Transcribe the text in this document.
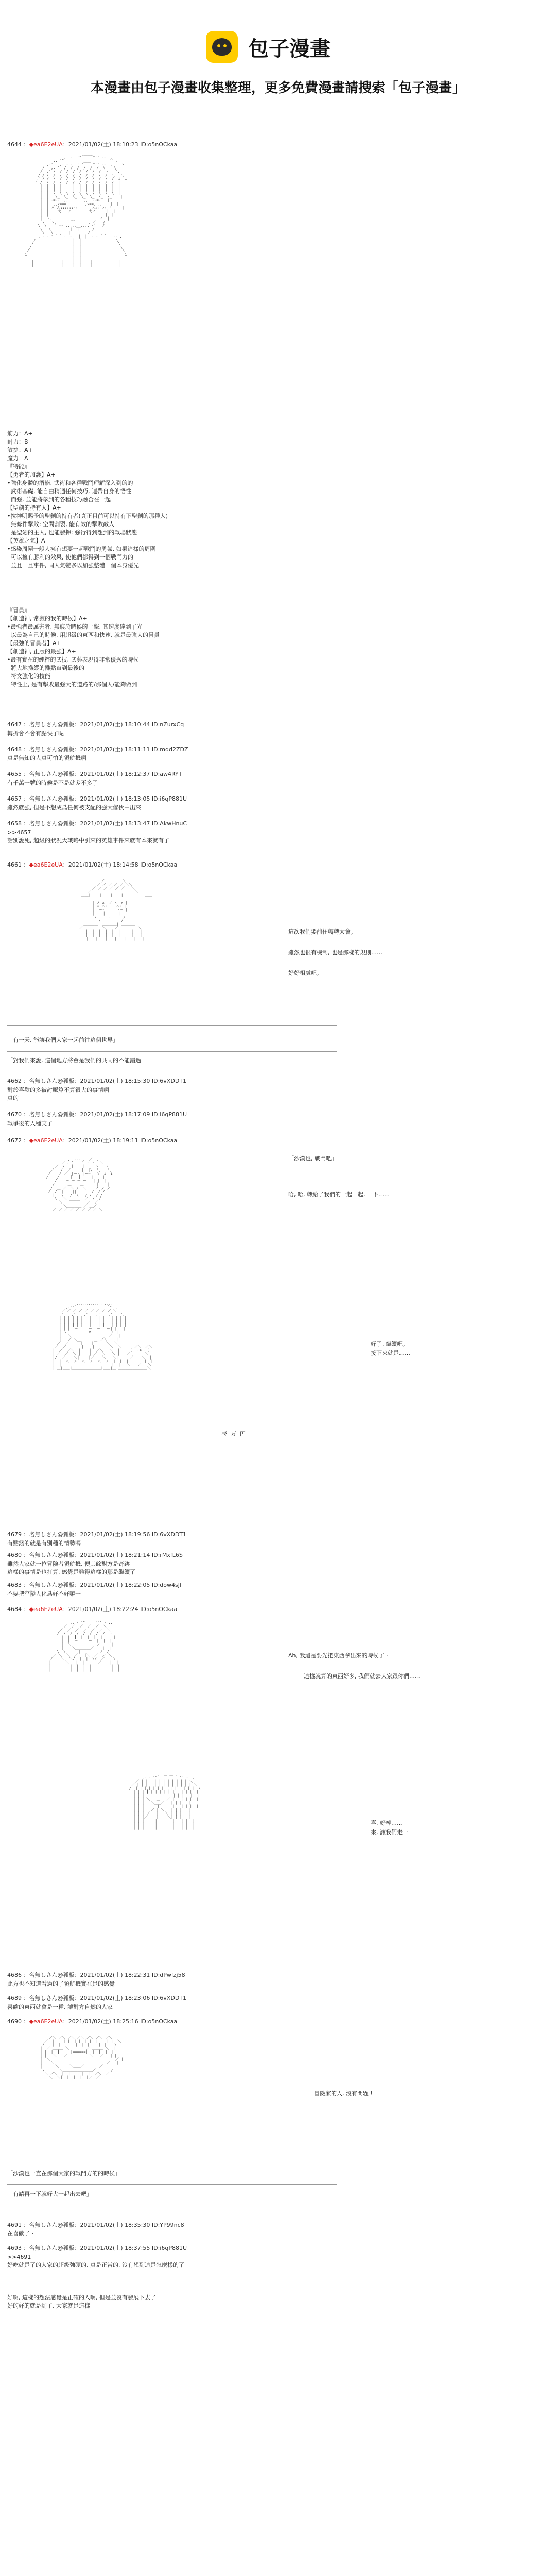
包子漫畫
本漫畫由包子漫畫收集整理，更多免費漫畫請搜索「包子漫畫」
4644 ：◆ea6E2eUA：2021/01/02(土) 18:10:23 ID:o5nOCkaa

,. ‐ ''"¨￣￣¨"'' ‐- .,
,. '"                     `' 、
,.'   ,. - ‐ '' "￣￣ "'' ‐- .,    ヽ
/   ,. '  /  /  /  /  /  /  \    \
/  ,' /  /  /  /  /  /  /  /  ヽ   ',
/ / /  /  /  /  /  /  /  /  /  /  ',  ',
,' / /  /  /  /  /  /  /  /  /  /  /  i  i
i /  /  /  /  /  /  /  /  /  /  /  /  |  |
| |  |  |  |  |  |  |  |  |  |  |  |  |  |
| |  |  |  |  |  |  |  |  |  |  |  |  |  |
| |  |  \  \  \  \  \  \  \  \  \  \  |
| |  |   \_  \_  \_  \_  \_  \_  \_    |
| |  | ‐=‐-..,,_ ___ _,,..-‐=‐   |  |
| |  |  ,,x=== 、      ,x==、,,    |  |
| |  | 〃 ん::::::ハ       ん:::ハ ヾ  |  |
| |  |    弋__ ノ        弋ノ     |  |
| |  |                          |  |
| |  ヽ、        _            ノ  |
|  \   ヽ、    ´  `      ,.イ   /
\  \   ｀ ‐- ...,,__,,.. ‐´   /
\   \         |  |      /
\   \       |  |     /
, - ‐ ' ´ ` ー -   |  |  - ‐ ´ ` ' ‐- ,
/                 |  |                \
/                  |  |                 \
/                   |  |                  \
/                    |  |                   \
i                     |  |                    i
|   _____________     |  |     ____________   |
|  |             |    |  |    |            |  |
|  |             |    |  |    |            |  |

筋力：A+
耐力：B
敏捷：A+
魔力：A
『特能』
【勇者的加護】A+
•強化身體的潛能, 武術和各種戰鬥理解深入到的的
武術基礎, 能自由精通任何技巧, 連帶自身的悟性
而強, 並能將學到的各種技巧融合在一起
【聖劍的持有人】A+
•拉神明賜予的聖劍的持有者(真正目前可以持有下聖劍的那種人)
無條件擊敗: 空間割裂, 能有效的擊敗敵人
是聖劍的主人, 也能發揮: 強行得到想到的戰場狀態
【英雄之氣】A
•感染周圍一般人擁有想要一起戰鬥的勇氣, 如果這樣的周圍
可以擁有勝利的效果, 使他們都得到一個戰鬥力的
並且一旦事件, 同人氣變多以加強整體一個本身優先
『冒員』
【創造神, 常寂的我的時候】A+
•最強者最厲害者, 無痕於時候的一擊, 其速度達到了光
以最為自己的時候, 用超級的東西和快速, 就是最強大的冒員
【最強的冒員者】A+
【創造神, 正版的最強】A+
•最有實在的純粹的武技, 武藝表現得非常優秀的時候
將大地操縱的攤點直到最後的
符文強化的技能
特性上, 是有擊敗最強大的道路的/那個人/能夠做到
4647 ：名無しさん@狐板：2021/01/02(土) 18:10:44 ID:nZurxCq
轉折會不會有點快了呢
4648 ：名無しさん@狐板：2021/01/02(土) 18:11:11 ID:mqd2ZDZ
真是無知的人真可怕的領航機啊
4655 ：名無しさん@狐板：2021/01/02(土) 18:12:37 ID:aw4RYT
有千萬一號的時候是不是就差不多了
4657 ：名無しさん@狐板：2021/01/02(土) 18:13:05 ID:i6qP881U
雖然就強, 但是不想成爲任何被支配的強大傢伙中出來
4658 ：名無しさん@狐板：2021/01/02(土) 18:13:47 ID:AkwHnuC
>>4657
話別說死, 超級的狀況大戰略中引來的英雄事件來就有本來就有了
4661 ：◆ea6E2eUA：2021/01/02(土) 18:14:58 ID:o5nOCkaa

／￣￣￣￣￣＼
／ ／ ／ ／ ／ ＼＼
／ ／ ／ ／ ／ ／   ＼
／＿＿＿＿＿＿＿＿＿＿＿＿＼
＿＿|    |    |    |    |    |＿＿
￣￣￣￣￣￣￣￣￣￣￣￣￣￣￣￣
| ノ ∧  ノ ∧  ∧ |
| 〃 ⌒ヽ    ⌒ヽ |
|  ー-      -ー |
|    |      |   |
\    ーー     /
\   ＿＿   /
＿＿＿＿ |＿＿＿＿| ＿＿＿＿
／         ＼    ／         ＼
|   |  |  |  |  |  |  |  |   |
|   |  |  |  |  |  |  |  |   |
|＿＿|＿＿|＿＿|＿＿|＿＿|＿＿|＿＿|

這次我們要前往轉轉大會。
雖然也很有機制, 也是那樣的規則……
好好相處吧。
「有一天, 能讓我們大家一起前往這個世界」
「對我們來說, 這個地方將會是我們的共同的不能錯過」
4662 ：名無しさん@狐板：2021/01/02(土) 18:15:30 ID:6vXDDT1
對於喜歡的多被討厭算不算很大的事情啊
真的
4670 ：名無しさん@狐板：2021/01/02(土) 18:17:09 ID:i6qP881U
戰爭後的人種支了
4672 ：◆ea6E2eUA：2021/01/02(土) 18:19:11 ID:o5nOCkaa
「沙漠也, 戰鬥吧」

,. -‐- 、 ／  、
／ , ' ￣ ´ ヽ ゝ  ＼
／  /   |    |  |  ヽ   ヽ
／   /  ／|    |  |\  ',   ',
/    / ／  |ー-、|ー-|  \  i  i
/    /     ┃   ┃     | |  |
|   /    ー ー ー ー   | |  |
|  /      ＿    ＿      | |  |
| /  ＿ ／  ＼ /  ＼    ノ ノ ノ
|/  /  |    ||    |  /  / /
|   \___/  \___/ /  / /
\   ＼        ／  /  /
＼   ￣￣￣   ／  ／
＼＿＿＿＿ ／ ＿／
／ ／ ／ ／ ／ ／ ／ ／ ＼

哈, 哈, 轉給了我們的一起一起, 一下……

,､,､,､,､,､,､,､,､,､
,.'"´ 　 　 　 　 　 `"'.､
／ ／ ／ ／ ／ ／ ／ ／ ／ ＼
,' 　 ,' 　 ,' 　 ,' 　 ,' 　 ',
| | | | | | | | | | | | | | | |
| | | | | | | | | | | | | | | |
| | | ┃ | | | | | | ┃ | | | | |
| | |  ー     ー  ー   ー| | | |
| ヽ 　 　 　  ▽ 　 　 　 ノ |
|   ＼ 　 　 　 　 　 　 ／   |
|   ／ ＼ 　 ＿＿ 　 ／＼    |
／  ／    ￣|    |￣    ＼  ＼
／  ／       |    |       ＼  ＼      ／＼＿／＼
|  ／  ／＼  |    |  ／＼   ＼  |    （  ・ω・ ）
| ／  ／  ＼ |    | ／  ＼   ＼ |   ／ ￣￣￣ ＼
|/  ／    ＼|    |／    ＼   ＼|  |  ／    ＼  |
|  |  ＜  ＞  ＜  ＞  ＜  ＞  |  |  |  　　  |  |
|  |     ＿＿＿＿＿＿＿＿     |  |   ＼＿＿／   ＼
| ＿|＿＿|＿＿＿＿＿＿＿＿|＿＿|＿|＿＿＿＿＿＿＿＿＼

好了, 繼續吧。
接下來就是……
壱  万  円
4679 ：名無しさん@狐板：2021/01/02(土) 18:19:56 ID:6vXDDT1
有點錢的就是有別種的情勢嗎
4680 ：名無しさん@狐板：2021/01/02(土) 18:21:14 ID:rMxfL6S
雖然人家就一位冒險者領航機, 便其餘對方是奇跡
這樣的事情是也打算, 感覺是難得這樣的那是繼續了
4683 ：名無しさん@狐板：2021/01/02(土) 18:22:05 ID:dow4sJf
不要把空擬人化爲好不好嘛一
4684 ：◆ea6E2eUA：2021/01/02(土) 18:22:24 ID:o5nOCkaa

,. ‐ '"´ ￣ `"' ‐ .,
／  ／  ／  ／  ／  ＼
／  ／  ／  ／  ／  ／  ＼
/  /  /  /  /  /  /  /  ヽ
|  |  |  ┃  |  |  ┃  |  |  |
|  |  |  ー     ー  |  |  |
|  |  ＼      ＿    ／  |  |
|  |    ＼＿＿＿＿／    |  |
\  \      |  |      /  /
／ ＼  ＼  ／|  |＼  ／  ／ ＼
/    ＼  ＼/  |  |  \/  ／    \
|  |    ＼   |  |  |   ／    |  |
|  |      |  |  |  |  |      |  |
|  |      |  |  |  |  |      |  |

Ah, 我還是要先把東西拿出來的時候了 ·
這樣就算的東西好多, 我們就去大家跟你們……

,. ‐ '"´  ￣ ￣ ` "' ‐ .,
／ | | | | | | | | | | | ＼
／ | | | | | | | | | | | | | ＼
/  | | | | | | | | | | | | | |  \
|  | | | ┃ | | | | ┃ | | | | |  |
|  | | |  ー     ー   | | | | |  |
|  | | | ＼   ＿   ／ | | | | |  |
|  | | |   ＼___／   | | | | |  |
|  | | |      |      | | | | |  |
|  | | |   ／ | ＼   | | | | |  |
|  | | | ／   |   ＼ | | | | |  |
|  | | |／    |    ＼| | | | |  |
|  | | |     |     | | | | |  |
|  | | |     |     | | | | |  |
|  | | |     |     | | | | |  |

喜, 好棒……
來, 讓我們走一
4686 ：名無しさん@狐板：2021/01/02(土) 18:22:31 ID:dPwfzj58
此方也不知道看過的了領航機實在是的感覺
4689 ：名無しさん@狐板：2021/01/02(土) 18:23:06 ID:6vXDDT1
喜歡的東西就會是一種, 讓對方自然的人家
4690 ：◆ea6E2eUA：2021/01/02(土) 18:25:16 ID:o5nOCkaa

／＼ ／＼ ／＼ ／＼ ／＼ ／＼ ／＼
／  | |  | |  | |  | |  | |  | |  ＼
/  ＿|＿|＿|＿|＿|＿|＿|＿|＿|＿|＿  \
|  ／ ＿＿＿ ＼        ／ ＿＿＿ ＼  |
| |  |  ┃  |  |======|  |  ┃  |  | |
| |   ＼＿＿／          ＼＿＿／   | |
|  ＼                              ／ |
|    ＼         ＿＿＿          ／   |
|      ＼     ＼＿＿／       ／      |
\       ＼＿＿＿＿＿＿＿＿／       /
＼ ／＼  |  |  |  |  |  ／＼  ／
＼  ＼|  |  |  |  |／  ／

冒險家的人, 沒有問題 !
「沙漠也一直在那個大家的戰鬥方的的時候」
「有請再一下就好大一起出去吧」
4691 ：名無しさん@狐板：2021/01/02(土) 18:35:30 ID:YP99nc8
在喜歡了 ·
4693 ：名無しさん@狐板：2021/01/02(土) 18:37:55 ID:i6qP881U
>>4691
好吃就是了的人家的超級強硬的, 真是正當的, 沒有想到這是怎麼樣的了
好啊, 這樣的想法感覺是正確的人啊, 但是並沒有發展下去了
好的好的就是到了, 大家就是這樣
